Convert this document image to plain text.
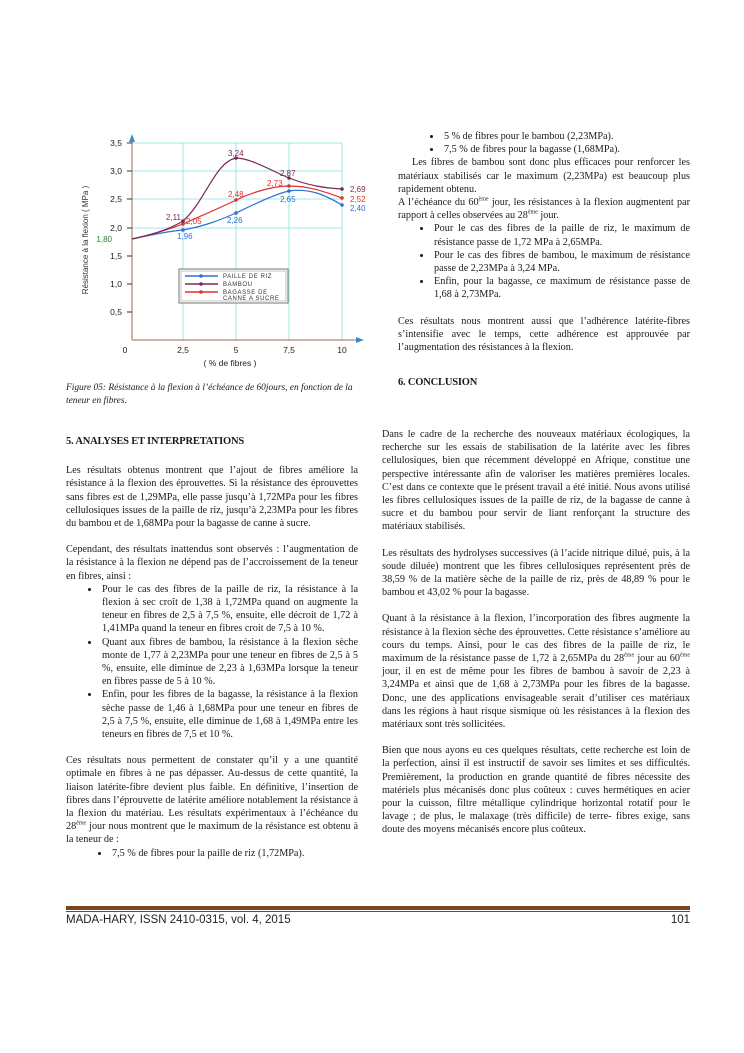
3,5
3,0
2,5
2,0
1,5
1,0
0,5
0	2,5	5	7,5	10
( % de fibres )
Résistance à la flexion ( MPa ) 1,80	1,96
2,26
2,65
2,40
2,11
3,24
2,87
2,69
2,05
2,48
2,73
2,52
PAILLE DE RIZ
BAMBOU
BAGASSE DE
CANNE A SUCRE
Figure 05: Résistance à la flexion à l’échéance de 60jours, en fonction de la teneur en fibres.
5. ANALYSES ET INTERPRETATIONS

Les résultats obtenus montrent que l’ajout de fibres améliore la résistance à la flexion des éprouvettes. Si la résistance des éprouvettes sans fibres est de 1,29MPa, elle passe jusqu’à 1,72MPa pour les fibres cellulosiques issues de la paille de riz, jusqu’à 2,23MPa pour les fibres du bambou et de 1,68MPa pour la bagasse de canne à sucre.

Cependant, des résultats inattendus sont observés : l’augmentation de la résistance à la flexion ne dépend pas de l’accroissement de la teneur en fibres, ainsi :

• Pour le cas des fibres de la paille de riz, la résistance à la flexion à sec croît de 1,38 à 1,72MPa quand on augmente la teneur en fibres de 2,5 à 7,5 %, ensuite, elle décroit de 1,72 à 1,41MPa quand la teneur en fibres croit de 7,5 à 10 %.
• Quant aux fibres de bambou, la résistance à la flexion sèche monte de 1,77 à 2,23MPa pour une teneur en fibres de 2,5 à 5 %, ensuite, elle diminue de 2,23 à 1,63MPa lorsque la teneur en fibres passe de 5 à 10 %.
• Enfin, pour les fibres de la bagasse, la résistance à la flexion sèche passe de 1,46 à 1,68MPa pour une teneur en fibres de 2,5 à 7,5 %, ensuite, elle diminue de 1,68 à 1,49MPa entre les teneurs en fibres de 7,5 et 10 %.

Ces résultats nous permettent de constater qu’il y a une quantité optimale en fibres à ne pas dépasser. Au-dessus de cette quantité, la liaison latérite-fibre devient plus faible. En définitive, l’insertion de fibres dans l’éprouvette de latérite améliore notablement la résistance à la flexion du matériau. Les résultats expérimentaux à l’échéance du 28ème jour nous montrent que le maximum de la résistance est obtenu à la teneur de :

• 7,5 % de fibres pour la paille de riz (1,72MPa).
• 5 % de fibres pour le bambou (2,23MPa).
• 7,5 % de fibres pour la bagasse (1,68MPa).

Les fibres de bambou sont donc plus efficaces pour renforcer les matériaux stabilisés car le maximum (2,23MPa) est beaucoup plus rapidement obtenu.

A l’échéance du 60ème jour, les résistances à la flexion augmentent par rapport à celles observées au 28ème jour.

• Pour le cas des fibres de la paille de riz, le maximum de résistance passe de 1,72 MPa à 2,65MPa.
• Pour le cas des fibres de bambou, le maximum de résistance passe de 2,23MPa à 3,24 MPa.
• Enfin, pour la bagasse, ce maximum de résistance passe de 1,68 à 2,73MPa.

Ces résultats nous montrent aussi que l’adhérence latérite-fibres s’intensifie avec le temps, cette adhérence est approuvée par l’augmentation des résistances à la flexion.

6. CONCLUSION

Dans le cadre de la recherche des nouveaux matériaux écologiques, la recherche sur les essais de stabilisation de la latérite avec les fibres cellulosiques, bien que récemment développé en Afrique, constitue une perspective intéressante afin de valoriser les matières premières locales. C’est dans ce contexte que le présent travail a été initié. Nous avons utilisé les fibres cellulosiques issues de la paille de riz, de la bagasse de canne à sucre et du bambou pour servir de liant renforçant la structure des matériaux stabilisés.

Les résultats des hydrolyses successives (à l’acide nitrique dilué, puis, à la soude diluée) montrent que les fibres cellulosiques représentent près de 38,59 % de la matière sèche de la paille de riz, près de 48,89 % pour le bambou et 43,02 % pour la bagasse.

Quant à la résistance à la flexion, l’incorporation des fibres augmente la résistance à la flexion sèche des éprouvettes. Cette résistance s’améliore au cours du temps. Ainsi, pour le cas des fibres de la paille de riz, le maximum de la résistance passe de 1,72 à 2,65MPa du 28ème jour au 60ème jour, il en est de même pour les fibres de bambou à savoir de 2,23 à 3,24MPa et ainsi que de 1,68 à 2,73MPa pour les fibres de la bagasse. Donc, une des applications envisageable serait d’utiliser ces matériaux dans les régions à haut risque sismique où les résistances à la flexion des matériaux sont très sollicitées.

Bien que nous ayons eu ces quelques résultats, cette recherche est loin de la perfection, ainsi il est instructif de savoir ses limites et ses difficultés. Premièrement, la production en grande quantité de fibres nécessite des matériels plus mécanisés donc plus coûteux : cuves hermétiques en acier pour la cuisson, filtre métallique cylindrique horizontal rotatif pour le lavage ; de plus, le malaxage (très difficile) de terre- fibres exige, sans doute des moyens mécanisés encore plus coûteux.

MADA-HARY, ISSN 2410-0315, vol. 4, 2015	101
